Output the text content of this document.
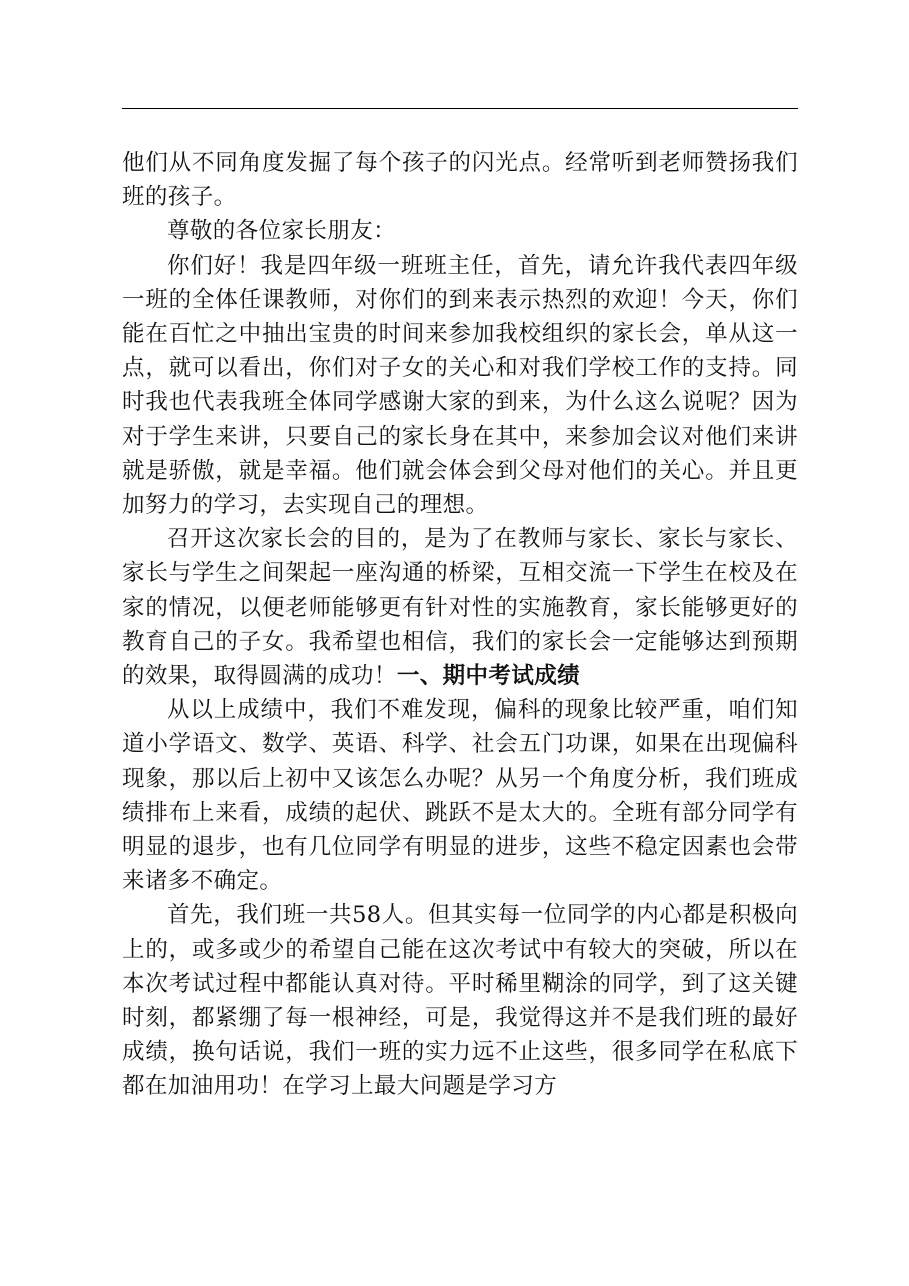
他们从不同角度发掘了每个孩子的闪光点。经常听到老师赞扬我们班的孩子。

尊敬的各位家长朋友：

你们好！我是四年级一班班主任，首先，请允许我代表四年级一班的全体任课教师，对你们的到来表示热烈的欢迎！今天，你们能在百忙之中抽出宝贵的时间来参加我校组织的家长会，单从这一点，就可以看出，你们对子女的关心和对我们学校工作的支持。同时我也代表我班全体同学感谢大家的到来，为什么这么说呢？因为对于学生来讲，只要自己的家长身在其中，来参加会议对他们来讲就是骄傲，就是幸福。他们就会体会到父母对他们的关心。并且更加努力的学习，去实现自己的理想。

召开这次家长会的目的，是为了在教师与家长、家长与家长、家长与学生之间架起一座沟通的桥梁，互相交流一下学生在校及在家的情况，以便老师能够更有针对性的实施教育，家长能够更好的教育自己的子女。我希望也相信，我们的家长会一定能够达到预期的效果，取得圆满的成功！一、期中考试成绩

从以上成绩中，我们不难发现，偏科的现象比较严重，咱们知道小学语文、数学、英语、科学、社会五门功课，如果在出现偏科现象，那以后上初中又该怎么办呢？从另一个角度分析，我们班成绩排布上来看，成绩的起伏、跳跃不是太大的。全班有部分同学有明显的退步，也有几位同学有明显的进步，这些不稳定因素也会带来诸多不确定。

首先，我们班一共58人。但其实每一位同学的内心都是积极向上的，或多或少的希望自己能在这次考试中有较大的突破，所以在本次考试过程中都能认真对待。平时稀里糊涂的同学，到了这关键时刻，都紧绷了每一根神经，可是，我觉得这并不是我们班的最好成绩，换句话说，我们一班的实力远不止这些，很多同学在私底下都在加油用功！在学习上最大问题是学习方
